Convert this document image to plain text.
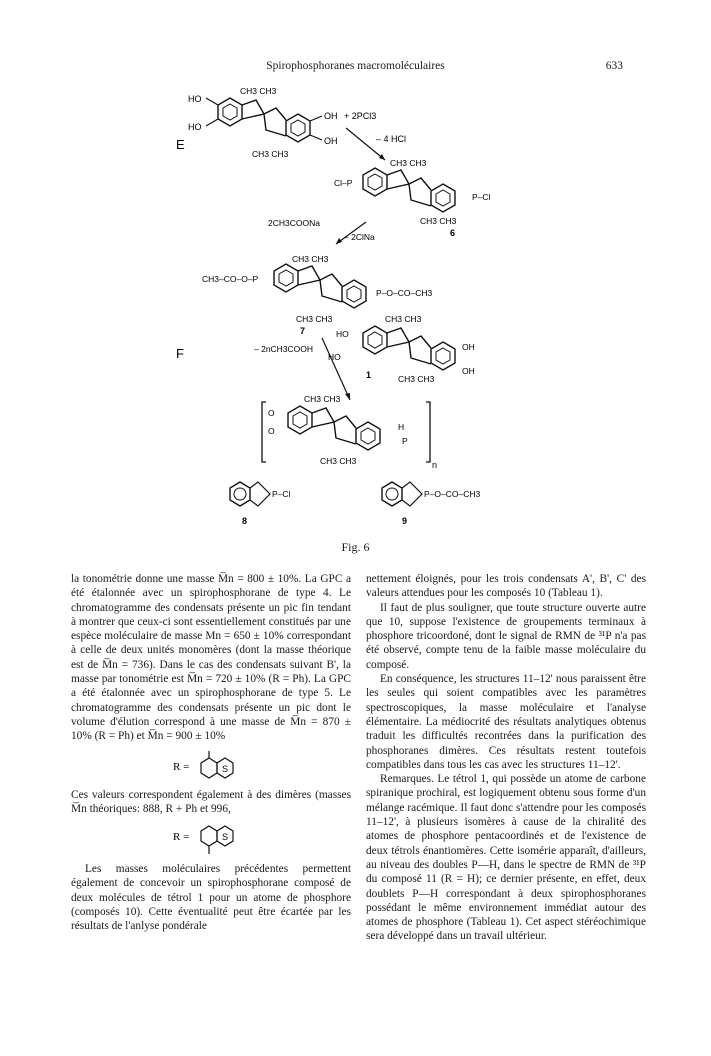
Spirophosphoranes macromoléculaires	633
HO
HO
OH
OH
CH3 CH3
CH3 CH3
E
+ 2PCl3
– 4 HCl
Cl–P
P–Cl
CH3 CH3
CH3 CH3
6
2CH3COONa
– 2ClNa
CH3–CO–O–P
P–O–CO–CH3
CH3 CH3
CH3 CH3
7
F	– 2nCH3COOH
HO
HO
OH
OH
CH3 CH3
CH3 CH3
1
O
O	H
P
CH3 CH3
CH3 CH3	n
P–Cl
8
P–O–CO–CH3
9
Fig. 6

la tonométrie donne une masse M̅n = 800 ± 10%. La GPC a été étalonnée avec un spirophosphorane de type 4. Le chromatogramme des condensats présente un pic fin tendant à montrer que ceux-ci sont essentiellement constitués par une espèce moléculaire de masse Mn = 650 ± 10% correspondant à celle de deux unités monomères (dont la masse théorique est de M̅n = 736). Dans le cas des condensats suivant B', la masse par tonométrie est M̅n = 720 ± 10% (R = Ph). La GPC a été étalonnée avec un spirophosphorane de type 5. Le chromatogramme des condensats présente un pic dont le volume d'élution correspond à une masse de M̅n = 870 ± 10% (R = Ph) et M̅n = 900 ± 10%

R =	S

Ces valeurs correspondent également à des dimères (masses M̅n théoriques: 888, R + Ph et 996,

R =	S

Les masses moléculaires précédentes permettent également de concevoir un spirophosphorane composé de deux molécules de tétrol 1 pour un atome de phosphore (composés 10). Cette éventualité peut être écartée par les résultats de l'anlyse pondérale

nettement éloignés, pour les trois condensats A', B', C' des valeurs attendues pour les composés 10 (Tableau 1).

Il faut de plus souligner, que toute structure ouverte autre que 10, suppose l'existence de groupements terminaux à phosphore tricoordoné, dont le signal de RMN de ³¹P n'a pas été observé, compte tenu de la faible masse moléculaire du composé.

En conséquence, les structures 11–12' nous paraissent être les seules qui soient compatibles avec les paramètres spectroscopiques, la masse moléculaire et l'analyse élémentaire. La médiocrité des résultats analytiques obtenus traduit les difficultés recontrées dans la purification des phosphoranes dimères. Ces résultats restent toutefois compatibles dans tous les cas avec les structures 11–12'.

Remarques. Le tétrol 1, qui possède un atome de carbone spiranique prochiral, est logiquement obtenu sous forme d'un mélange racémique. Il faut donc s'attendre pour les composés 11–12', à plusieurs isomères à cause de la chiralité des atomes de phosphore pentacoordinés et de l'existence de deux tétrols énantiomères. Cette isomérie apparaît, d'ailleurs, au niveau des doubles P—H, dans le spectre de RMN de ³¹P du composé 11 (R = H); ce dernier présente, en effet, deux doublets P—H correspondant à deux spirophosphoranes possédant le même environnement immédiat autour des atomes de phosphore (Tableau 1). Cet aspect stéréochimique sera développé dans un travail ultérieur.
